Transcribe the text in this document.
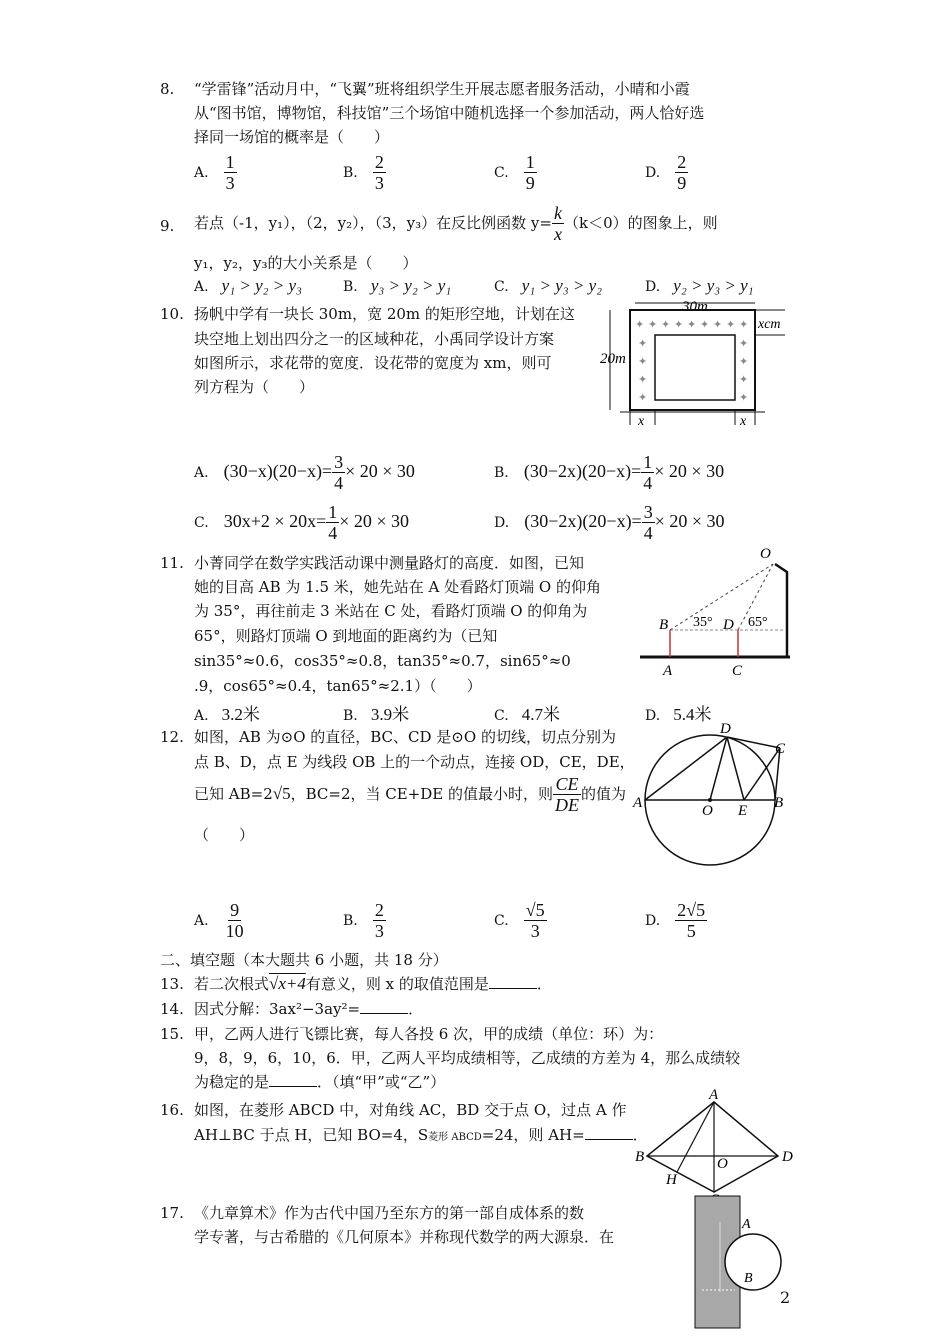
8. “学雷锋”活动月中，“飞翼”班将组织学生开展志愿者服务活动，小晴和小霞
从“图书馆，博物馆，科技馆”三个场馆中随机选择一个参加活动，两人恰好选
择同一场馆的概率是（　　）
A. $\frac{1}{3}$	B. $\frac{2}{3}$	C. $\frac{1}{9}$	D. $\frac{2}{9}$
9. 若点（-1，y₁），（2，y₂），（3，y₃）在反比例函数 $y= \frac{k}{x} (k<0)$的图象上，则
y₁，y₂，y₃的大小关系是（　　）
A. y₁ > y₂ > y₃	B. y₃ > y₂ > y₁	C. y₁ > y₃ > y₂	D. y₂ > y₃ > y₁
10. 扬帆中学有一块长 30m，宽 20m 的矩形空地，计划在这
块空地上划出四分之一的区域种花，小禹同学设计方案
如图所示，求花带的宽度．设花带的宽度为 xm，则可
列方程为（　　）
30m
20m
✦ ✦ ✦ ✦ ✦ ✦ ✦ ✦ ✦
✦
✦
✦
✦
✦
✦
✦
✦
xcm
x	x
A. $(30-x)(20-x)= \frac{3}{4} \times 20 \times 30$	B. $(30-2x)(20-x)= \frac{1}{4} \times 20 \times 30$
C. $30x+2 \times 20x= \frac{1}{4} \times 20 \times 30$	D. $(30-2x)(20-x)= \frac{3}{4} \times 20 \times 30$
11. 小菁同学在数学实践活动课中测量路灯的高度．如图，已知
她的目高 AB 为 1.5 米，她先站在 A 处看路灯顶端 O 的仰角
为 35°，再往前走 3 米站在 C 处，看路灯顶端 O 的仰角为
65°，则路灯顶端 O 到地面的距离约为（已知
sin35°≈0.6，cos35°≈0.8，tan35°≈0.7，sin65°≈0
.9，cos65°≈0.4，tan65°≈2.1）（　　）
O
B	D
A	C
35°	65°
A. 3.2米	B. 3.9米	C. 4.7米	D. 5.4米
12. 如图，AB 为⊙O 的直径，BC、CD 是⊙O 的切线，切点分别为
点 B、D，点 E 为线段 OB 上的一个动点，连接 OD，CE，DE，
已知 AB=2√5，BC=2，当 CE+DE 的值最小时，则 $\frac{CE}{DE}$ 的值为
（　　）
D
C
A	O E B
A. $\frac{9}{10}$	B. $\frac{2}{3}$	C. $\frac{√5}{3}$	D. $\frac{2√5}{5}$
二、填空题（本大题共 6 小题，共 18 分）
13. 若二次根式√x+4有意义，则 x 的取值范围是	．
14. 因式分解：3ax²−3ay²=	．
15. 甲，乙两人进行飞镖比赛，每人各投 6 次，甲的成绩（单位：环）为：
9，8，9，6，10，6．甲，乙两人平均成绩相等，乙成绩的方差为 4，那么成绩较
为稳定的是	．（填“甲”或“乙”）
16. 如图，在菱形 ABCD 中，对角线 AC，BD 交于点 O，过点 A 作
AH⊥BC 于点 H，已知 BO=4，S菱形 ABCD=24，则 AH=	．
A
B	D
O
H
17. 《九章算术》作为古代中国乃至东方的第一部自成体系的数
学专著，与古希腊的《几何原本》并称现代数学的两大源泉．在
A
B
2
